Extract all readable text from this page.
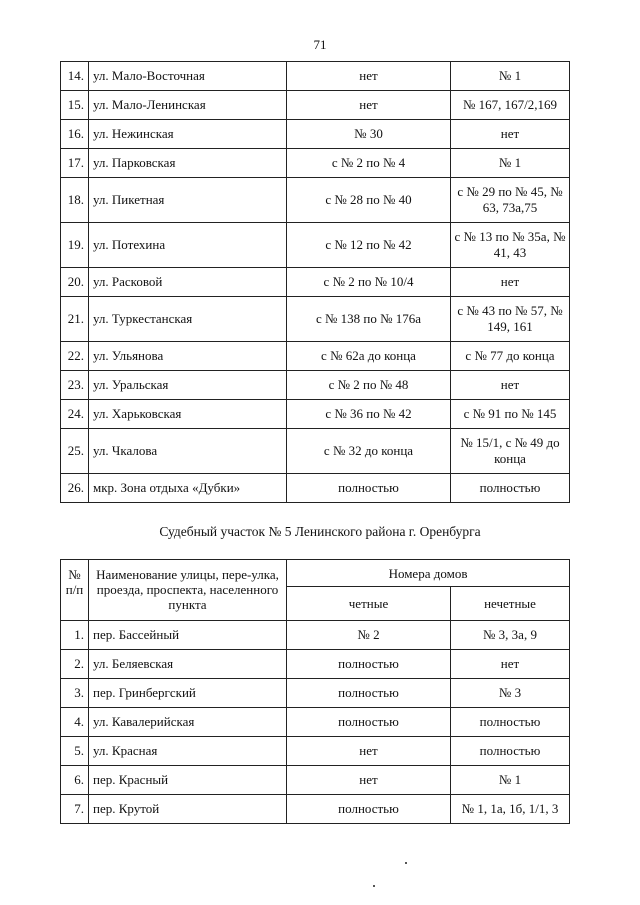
71
14.	ул. Мало-Восточная	нет	№ 1
15.	ул. Мало-Ленинская	нет	№ 167, 167/2,169
16.	ул. Нежинская	№ 30	нет
17.	ул. Парковская	с № 2 по № 4	№ 1
18.	ул. Пикетная	с № 28 по № 40	с № 29 по № 45, № 63, 73а,75
19.	ул. Потехина	с № 12 по № 42	с № 13 по № 35а, № 41, 43
20.	ул. Расковой	с № 2 по № 10/4	нет
21.	ул. Туркестанская	с № 138 по № 176а	с № 43 по № 57, № 149, 161
22.	ул. Ульянова	с № 62а до конца	с № 77 до конца
23.	ул. Уральская	с № 2 по № 48	нет
24.	ул. Харьковская	с № 36 по № 42	с № 91 по № 145
25.	ул. Чкалова	с № 32 до конца	№ 15/1, с № 49 до конца
26.	мкр. Зона отдыха «Дубки»	полностью	полностью
Судебный участок № 5 Ленинского района г. Оренбурга
№ п/п	Наименование улицы, пере-улка, проезда, проспекта, населенного пункта	Номера домов	
		четные	нечетные
1.	пер. Бассейный	№ 2	№ 3, 3а, 9
2.	ул. Беляевская	полностью	нет
3.	пер. Гринбергский	полностью	№ 3
4.	ул. Кавалерийская	полностью	полностью
5.	ул. Красная	нет	полностью
6.	пер. Красный	нет	№ 1
7.	пер. Крутой	полностью	№ 1, 1а, 1б, 1/1, 3
